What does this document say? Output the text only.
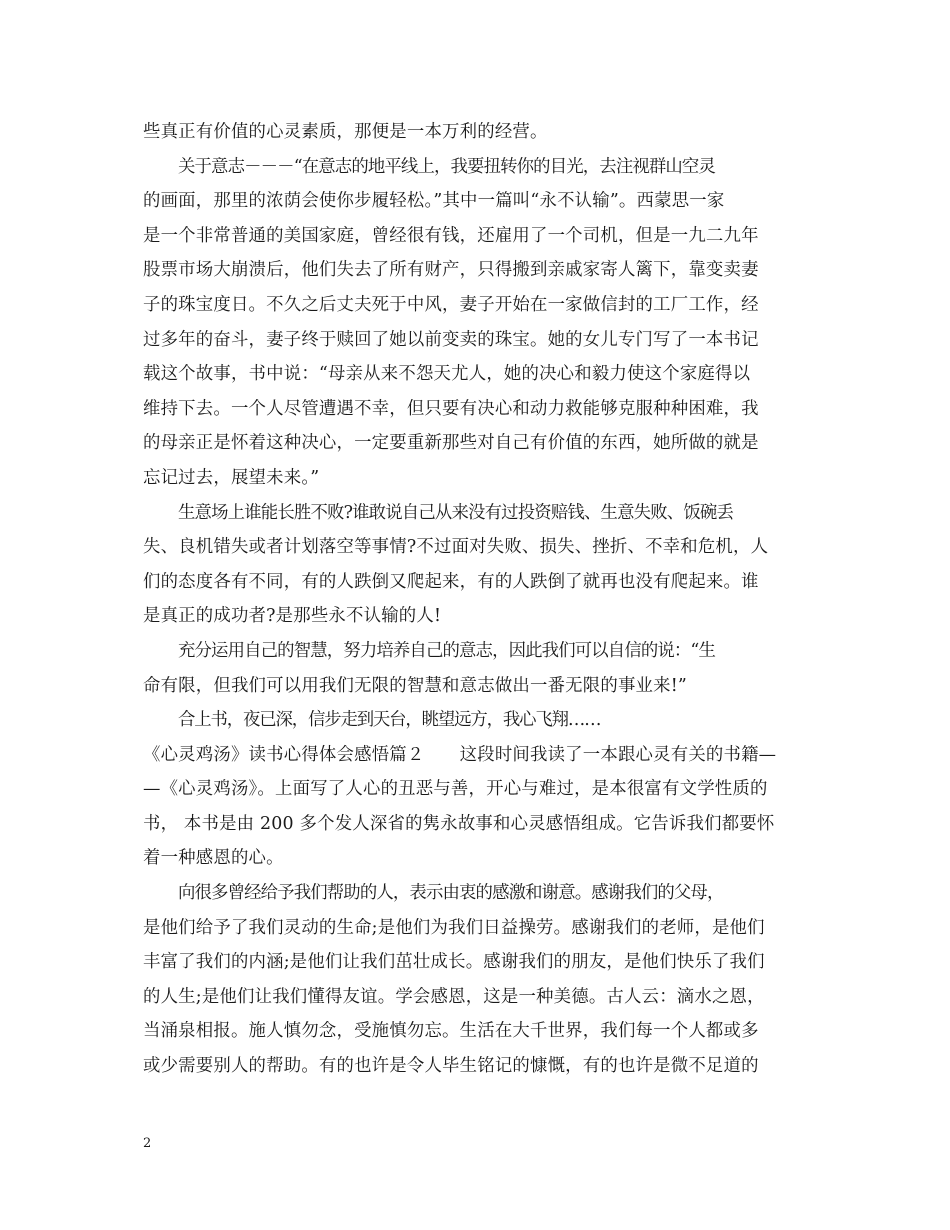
些真正有价值的心灵素质，那便是一本万利的经营。
关于意志－－－“在意志的地平线上，我要扭转你的目光，去注视群山空灵
的画面，那里的浓荫会使你步履轻松。”其中一篇叫“永不认输”。西蒙思一家
是一个非常普通的美国家庭，曾经很有钱，还雇用了一个司机，但是一九二九年
股票市场大崩溃后，他们失去了所有财产，只得搬到亲戚家寄人篱下，靠变卖妻
子的珠宝度日。不久之后丈夫死于中风，妻子开始在一家做信封的工厂工作，经
过多年的奋斗，妻子终于赎回了她以前变卖的珠宝。她的女儿专门写了一本书记
载这个故事，书中说：“母亲从来不怨天尤人，她的决心和毅力使这个家庭得以
维持下去。一个人尽管遭遇不幸，但只要有决心和动力救能够克服种种困难，我
的母亲正是怀着这种决心，一定要重新那些对自己有价值的东西，她所做的就是
忘记过去，展望未来。”
生意场上谁能长胜不败?谁敢说自己从来没有过投资赔钱、生意失败、饭碗丢
失、良机错失或者计划落空等事情?不过面对失败、损失、挫折、不幸和危机，人
们的态度各有不同，有的人跌倒又爬起来，有的人跌倒了就再也没有爬起来。谁
是真正的成功者?是那些永不认输的人!
充分运用自己的智慧，努力培养自己的意志，因此我们可以自信的说：“生
命有限，但我们可以用我们无限的智慧和意志做出一番无限的事业来!”
合上书，夜已深，信步走到天台，眺望远方，我心飞翔……
《心灵鸡汤》读书心得体会感悟篇２　　这段时间我读了一本跟心灵有关的书籍—
—《心灵鸡汤》。上面写了人心的丑恶与善，开心与难过，是本很富有文学性质的
书， 本书是由 200 多个发人深省的隽永故事和心灵感悟组成。它告诉我们都要怀
着一种感恩的心。
向很多曾经给予我们帮助的人，表示由衷的感激和谢意。感谢我们的父母，
是他们给予了我们灵动的生命;是他们为我们日益操劳。感谢我们的老师，是他们
丰富了我们的内涵;是他们让我们茁壮成长。感谢我们的朋友，是他们快乐了我们
的人生;是他们让我们懂得友谊。学会感恩，这是一种美德。古人云：滴水之恩，
当涌泉相报。施人慎勿念，受施慎勿忘。生活在大千世界，我们每一个人都或多
或少需要别人的帮助。有的也许是令人毕生铭记的慷慨，有的也许是微不足道的
2
